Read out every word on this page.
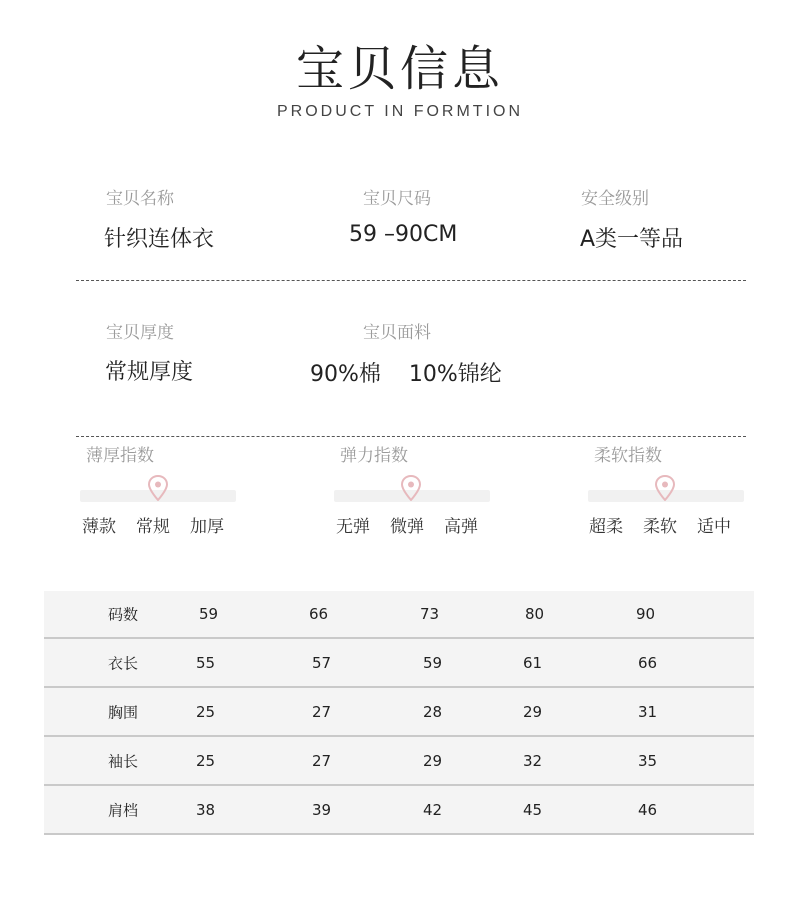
宝贝信息
PRODUCT IN FORMTION
宝贝名称
针织连体衣
宝贝尺码
59 –90CM
安全级别
A类一等品
宝贝厚度
常规厚度
宝贝面料
90%棉    10%锦纶
薄厚指数
薄款	常规	加厚
弹力指数
无弹	微弹	高弹
柔软指数
超柔	柔软	适中
码数	59	66	73	80	90
衣长	55	57	59	61	66
胸围	25	27	28	29	31
袖长	25	27	29	32	35
肩档	38	39	42	45	46
